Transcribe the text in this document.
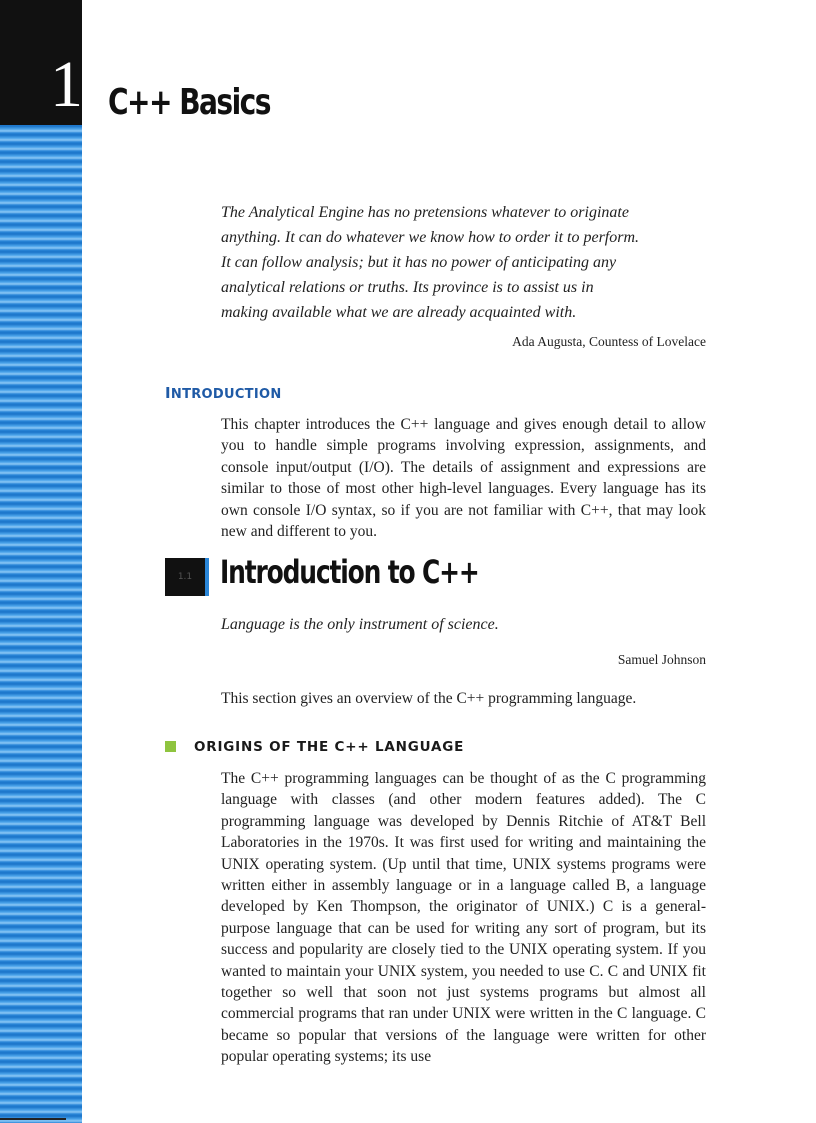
1 C++ Basics
The Analytical Engine has no pretensions whatever to originate anything. It can do whatever we know how to order it to perform. It can follow analysis; but it has no power of anticipating any analytical relations or truths. Its province is to assist us in making available what we are already acquainted with.
Ada Augusta, Countess of Lovelace
INTRODUCTION
This chapter introduces the C++ language and gives enough detail to allow you to handle simple programs involving expression, assignments, and console input/output (I/O). The details of assignment and expressions are similar to those of most other high-level languages. Every language has its own console I/O syntax, so if you are not familiar with C++, that may look new and different to you.
1.1 Introduction to C++
Language is the only instrument of science.
Samuel Johnson
This section gives an overview of the C++ programming language.
ORIGINS OF THE C++ LANGUAGE
The C++ programming languages can be thought of as the C programming language with classes (and other modern features added). The C programming language was developed by Dennis Ritchie of AT&T Bell Laboratories in the 1970s. It was first used for writing and maintaining the UNIX operating system. (Up until that time, UNIX systems programs were written either in assembly language or in a language called B, a language developed by Ken Thompson, the originator of UNIX.) C is a general-purpose language that can be used for writing any sort of program, but its success and popularity are closely tied to the UNIX operating system. If you wanted to maintain your UNIX system, you needed to use C. C and UNIX fit together so well that soon not just systems programs but almost all commercial programs that ran under UNIX were written in the C language. C became so popular that versions of the language were written for other popular operating systems; its use
